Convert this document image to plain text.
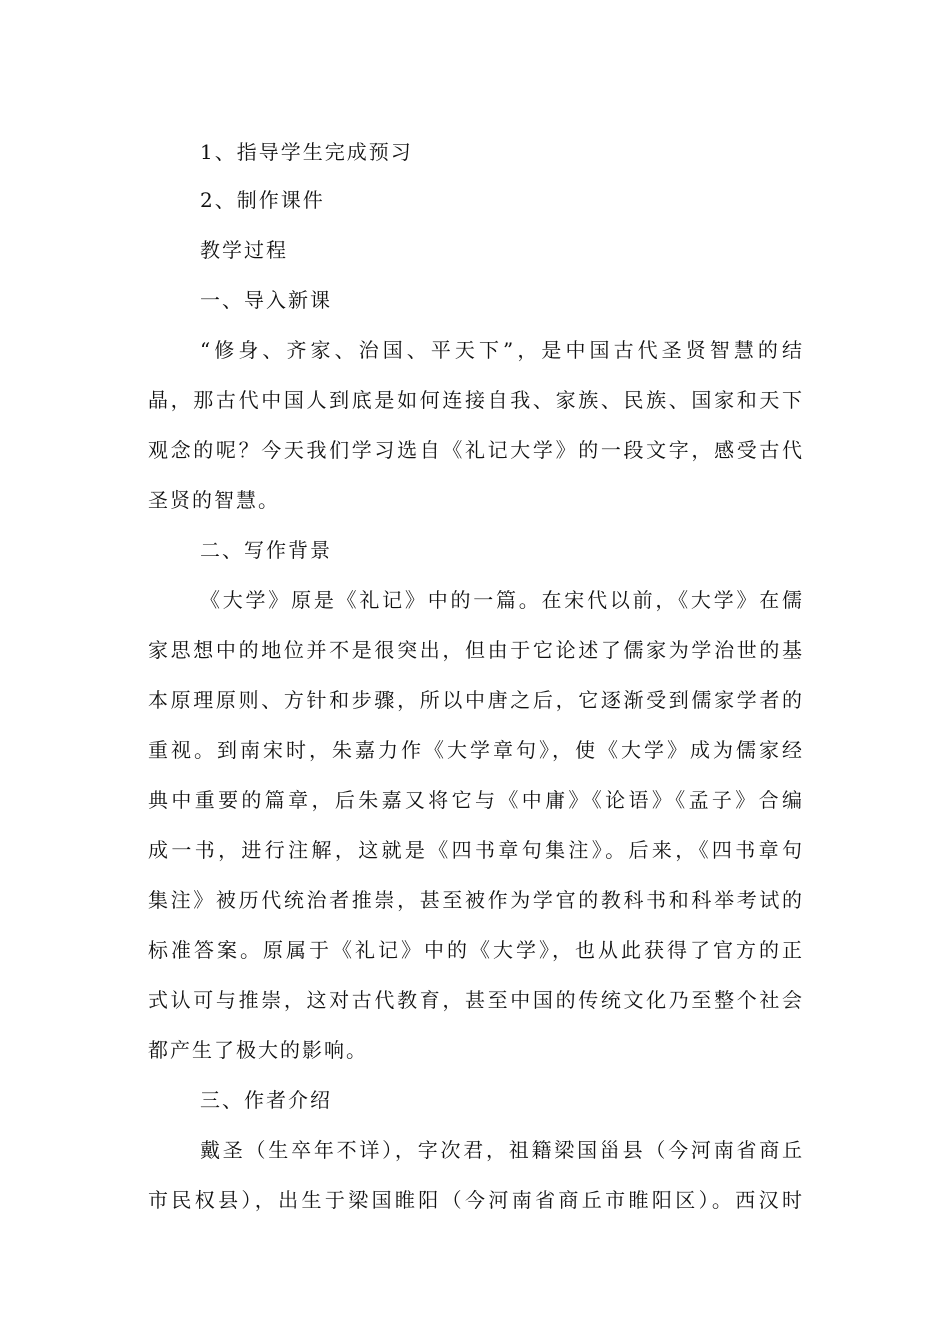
1、指导学生完成预习
2、制作课件
教学过程
一、导入新课
“修身、齐家、治国、平天下”，是中国古代圣贤智慧的结
晶，那古代中国人到底是如何连接自我、家族、民族、国家和天下
观念的呢？今天我们学习选自《礼记大学》的一段文字，感受古代
圣贤的智慧。
二、写作背景
《大学》原是《礼记》中的一篇。在宋代以前，《大学》在儒
家思想中的地位并不是很突出，但由于它论述了儒家为学治世的基
本原理原则、方针和步骤，所以中唐之后，它逐渐受到儒家学者的
重视。到南宋时，朱嘉力作《大学章句》，使《大学》成为儒家经
典中重要的篇章，后朱嘉又将它与《中庸》《论语》《孟子》合编
成一书，进行注解，这就是《四书章句集注》。后来，《四书章句
集注》被历代统治者推崇，甚至被作为学官的教科书和科举考试的
标准答案。原属于《礼记》中的《大学》，也从此获得了官方的正
式认可与推崇，这对古代教育，甚至中国的传统文化乃至整个社会
都产生了极大的影响。
三、作者介绍
戴圣（生卒年不详），字次君，祖籍梁国甾县（今河南省商丘
市民权县），出生于梁国睢阳（今河南省商丘市睢阳区）。西汉时
